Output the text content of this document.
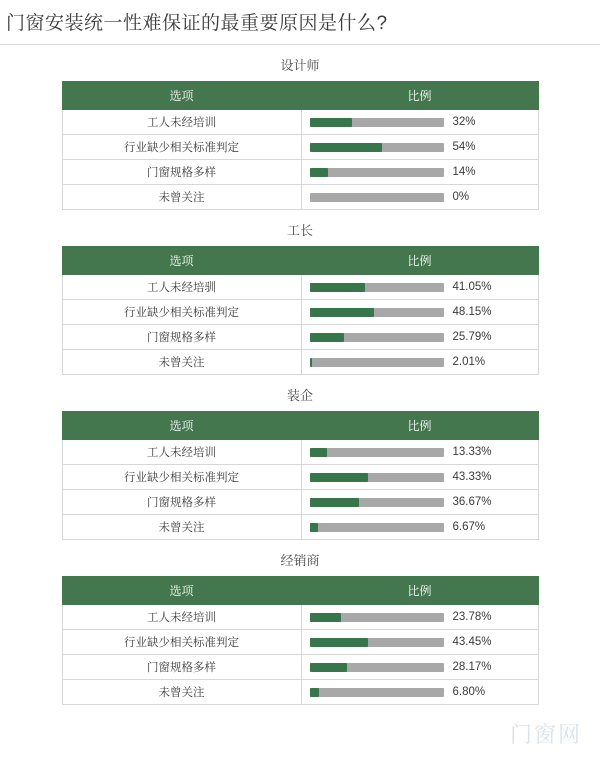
门窗安装统一性难保证的最重要原因是什么?
设计师
选项	比例
工人未经培训	32%

行业缺少相关标准判定	54%

门窗规格多样	14%

未曾关注	0%
工长
选项	比例
工人未经培驯	41.05%

行业缺少相关标准判定	48.15%

门窗规格多样	25.79%

未曾关注	2.01%
装企
选项	比例
工人未经培训	13.33%

行业缺少相关标准判定	43.33%

门窗规格多样	36.67%

未曾关注	6.67%
经销商
选项	比例
工人未经培训	23.78%

行业缺少相关标准判定	43.45%

门窗规格多样	28.17%

未曾关注	6.80%
门窗网
